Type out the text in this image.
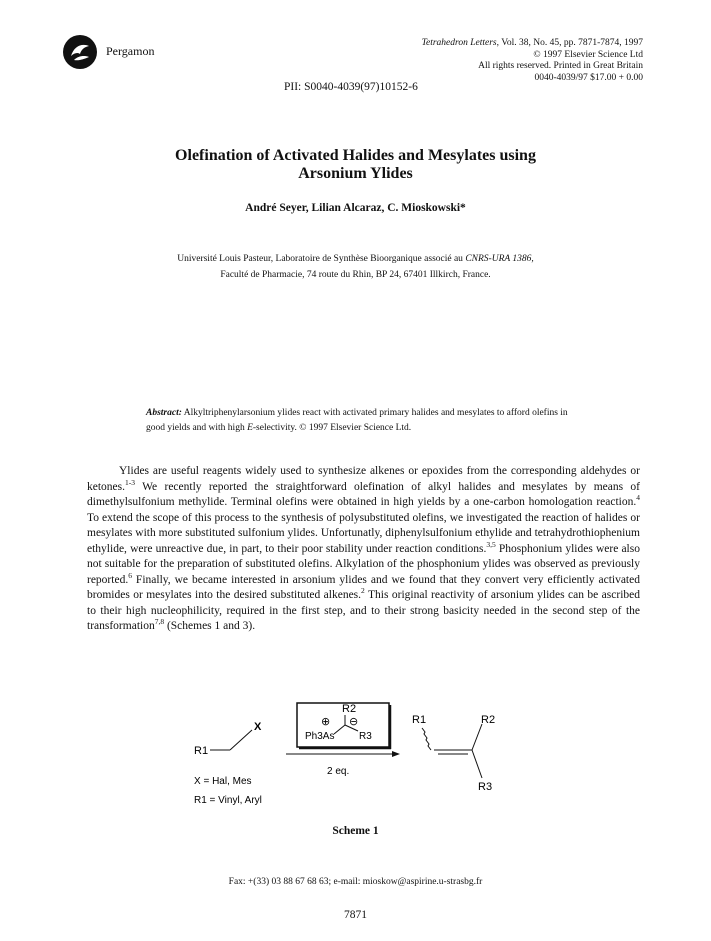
Pergamon
Tetrahedron Letters, Vol. 38, No. 45, pp. 7871-7874, 1997
© 1997 Elsevier Science Ltd
All rights reserved. Printed in Great Britain
0040-4039/97 $17.00 + 0.00
PII: S0040-4039(97)10152-6
Olefination of Activated Halides and Mesylates using
Arsonium Ylides
André Seyer, Lilian Alcaraz, C. Mioskowski*
Université Louis Pasteur, Laboratoire de Synthèse Bioorganique associé au CNRS-URA 1386,
Faculté de Pharmacie, 74 route du Rhin, BP 24, 67401 Illkirch, France.
Abstract: Alkyltriphenylarsonium ylides react with activated primary halides and mesylates to afford olefins in good yields and with high E-selectivity. © 1997 Elsevier Science Ltd.
Ylides are useful reagents widely used to synthesize alkenes or epoxides from the corresponding aldehydes or ketones.$^{1-3}$ We recently reported the straightforward olefination of alkyl halides and mesylates by means of dimethylsulfonium methylide. Terminal olefins were obtained in high yields by a one-carbon homologation reaction.$^4$ To extend the scope of this process to the synthesis of polysubstituted olefins, we investigated the reaction of halides or mesylates with more substituted sulfonium ylides. Unfortunatly, diphenylsulfonium ethylide and tetrahydrothiophenium ethylide, were unreactive due, in part, to their poor stability under reaction conditions.$^{3,5}$ Phosphonium ylides were also not suitable for the preparation of substituted olefins. Alkylation of the phosphonium ylides was observed as previously reported.$^6$ Finally, we became interested in arsonium ylides and we found that they convert very efficiently activated bromides or mesylates into the desired substituted alkenes.$^2$ This original reactivity of arsonium ylides can be ascribed to their high nucleophilicity, required in the first step, and to their strong basicity needed in the second step of the transformation$^{7,8}$ (Schemes 1 and 3).
R2
⊕ ⊖
Ph3As R3
X
R1
2 eq.
R1	R2
R3
X = Hal, Mes
R1 = Vinyl, Aryl
Scheme 1
Fax: +(33) 03 88 67 68 63; e-mail: mioskow@aspirine.u-strasbg.fr
7871
